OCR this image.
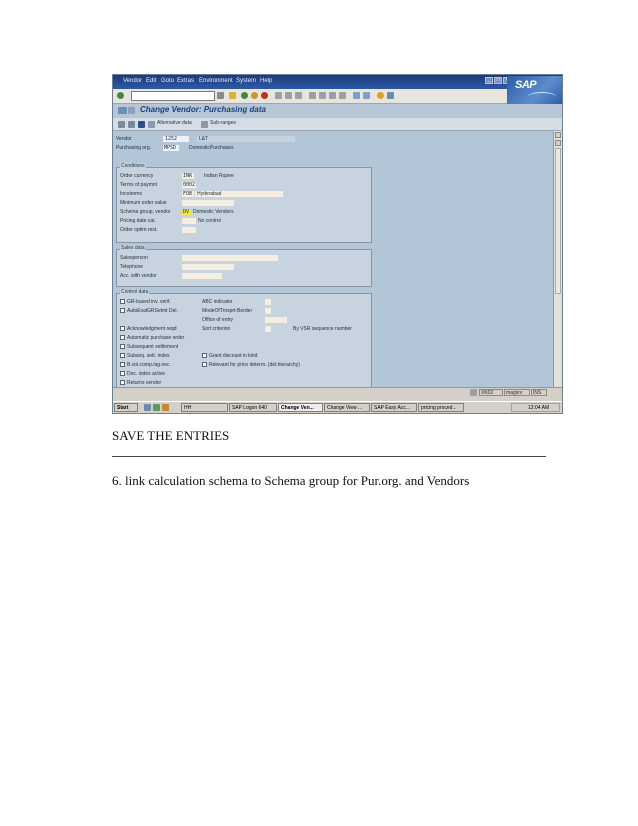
Vendor Edit Goto Extras Environment System Help	_	□ SAP
Change Vendor: Purchasing data
Alternative data	Sub-ranges
Vendor	1252	L&T
Purchasing org.	MPSD	DomesticPurchases
Conditions
Order currency	INR Indian Rupee
Terms of paymnt	0002
Incoterms	FOB Hyderabad
Minimum order value
Schema group, vendor DV Domestic Vendors
Pricing date cat.	No control
Order optim.rest.
Sales data
Salesperson
Telephone
Acc. with vendor
Control data
GR-based inv. verif.	ABC indicator
AutoEvalGRSetmt Del.	ModeOfTrnsprt-Border
Office of entry
Acknowledgment reqd	Sort criterion	By VSR sequence number
Automatic purchase order
Subsequent settlement
Subseq. sett. index	Grant discount in kind
B.vol.comp./ag.nec.	Relevant for price determ. (del.hierarchy)
Doc. index active
Returns vendor
XK02	magsrv	INS
Start	HH	SAP Logon 640	Change Ven...	Change View ...	SAP Easy Acc...	pricing proced...	12:04 AM
SAVE THE ENTRIES
6. link calculation schema to Schema group for Pur.org. and Vendors
